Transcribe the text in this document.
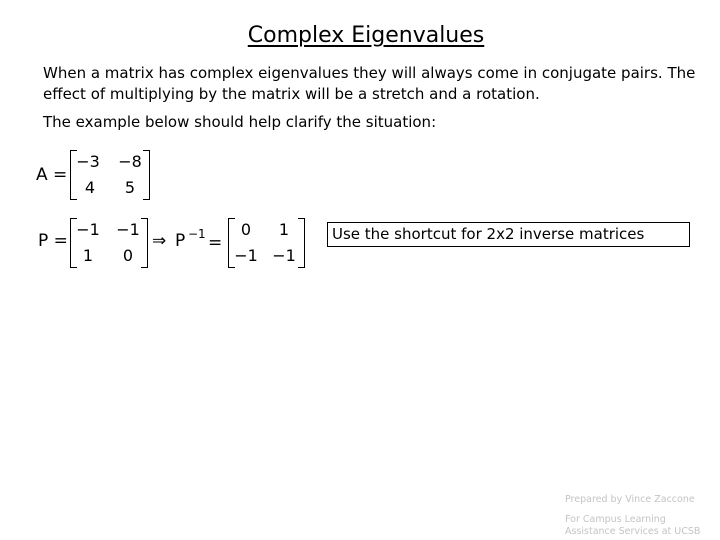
Complex Eigenvalues

When a matrix has complex eigenvalues they will always come in conjugate pairs. The effect of multiplying by the matrix will be a stretch and a rotation.

The example below should help clarify the situation:

A =
−3	−8
4	5
P =
−1	−1
1	0
⇒ P −1 =
0	1
−1 −1
Use the shortcut for 2x2 inverse matrices
Prepared by Vince Zaccone
For Campus Learning
Assistance Services at UCSB
